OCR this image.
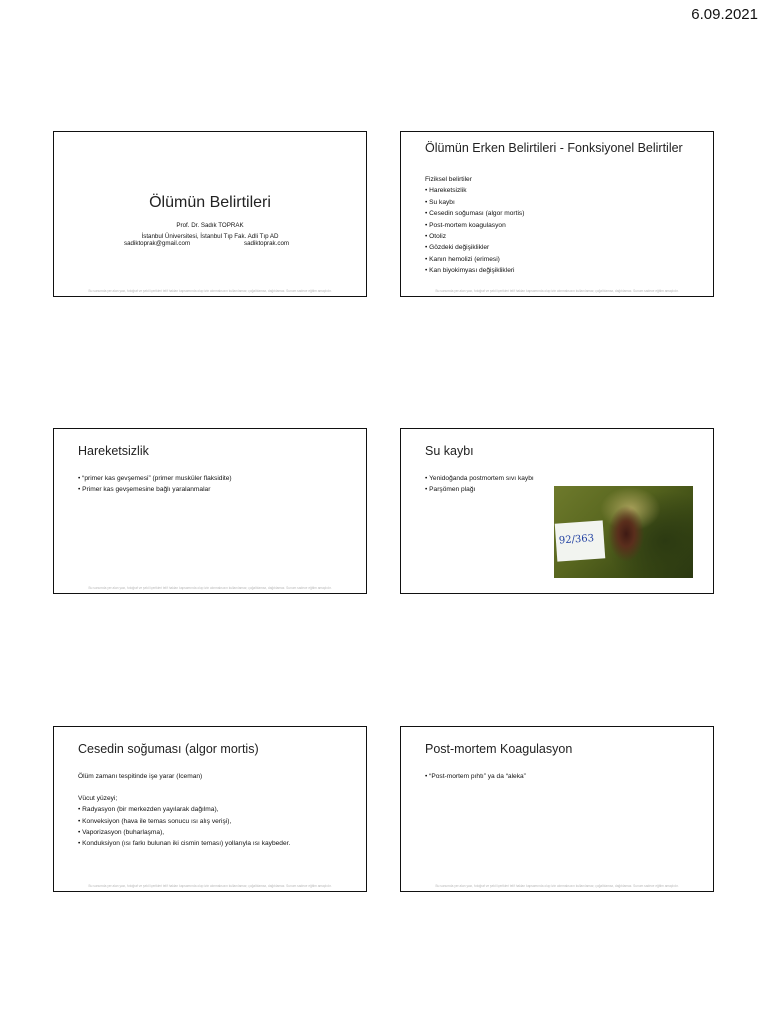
6.09.2021
Ölümün Belirtileri
Prof. Dr. Sadık TOPRAK
İstanbul Üniversitesi, İstanbul Tıp Fak. Adli Tıp AD
sadiktoprak@gmail.com	sadiktoprak.com
Bu sunumda yer alan yazı, fotoğraf ve şekil içerikleri telif hakları kapsamında olup izin alınmaksızın kullanılamaz; çoğaltılamaz, dağıtılamaz. Sunum sadece eğitim amaçlıdır.
Ölümün Erken Belirtileri - Fonksiyonel Belirtiler
Fiziksel belirtiler
• Hareketsizlik
• Su kaybı
• Cesedin soğuması (algor mortis)
• Post-mortem koagulasyon
• Otoliz
• Gözdeki değişiklikler
• Kanın hemolizi (erimesi)
• Kan biyokimyası değişiklikleri
Bu sunumda yer alan yazı, fotoğraf ve şekil içerikleri telif hakları kapsamında olup izin alınmaksızın kullanılamaz; çoğaltılamaz, dağıtılamaz. Sunum sadece eğitim amaçlıdır.
Hareketsizlik
• “primer kas gevşemesi” (primer musküler flaksidite)
• Primer kas gevşemesine bağlı yaralanmalar
Bu sunumda yer alan yazı, fotoğraf ve şekil içerikleri telif hakları kapsamında olup izin alınmaksızın kullanılamaz; çoğaltılamaz, dağıtılamaz. Sunum sadece eğitim amaçlıdır.
Su kaybı
• Yenidoğanda postmortem sıvı kaybı
• Parşömen plağı
92/363
Cesedin soğuması (algor mortis)
Ölüm zamanı tespitinde işe yarar (Iceman)
Vücut yüzeyi;
• Radyasyon (bir merkezden yayılarak dağılma),
• Konveksiyon (hava ile temas sonucu ısı alış verişi),
• Vaporizasyon (buharlaşma),
• Konduksiyon (ısı farkı bulunan iki cismin teması) yollarıyla ısı kaybeder.
Bu sunumda yer alan yazı, fotoğraf ve şekil içerikleri telif hakları kapsamında olup izin alınmaksızın kullanılamaz; çoğaltılamaz, dağıtılamaz. Sunum sadece eğitim amaçlıdır.
Post-mortem Koagulasyon
• “Post-mortem pıhtı” ya da “aleka”
Bu sunumda yer alan yazı, fotoğraf ve şekil içerikleri telif hakları kapsamında olup izin alınmaksızın kullanılamaz; çoğaltılamaz, dağıtılamaz. Sunum sadece eğitim amaçlıdır.
